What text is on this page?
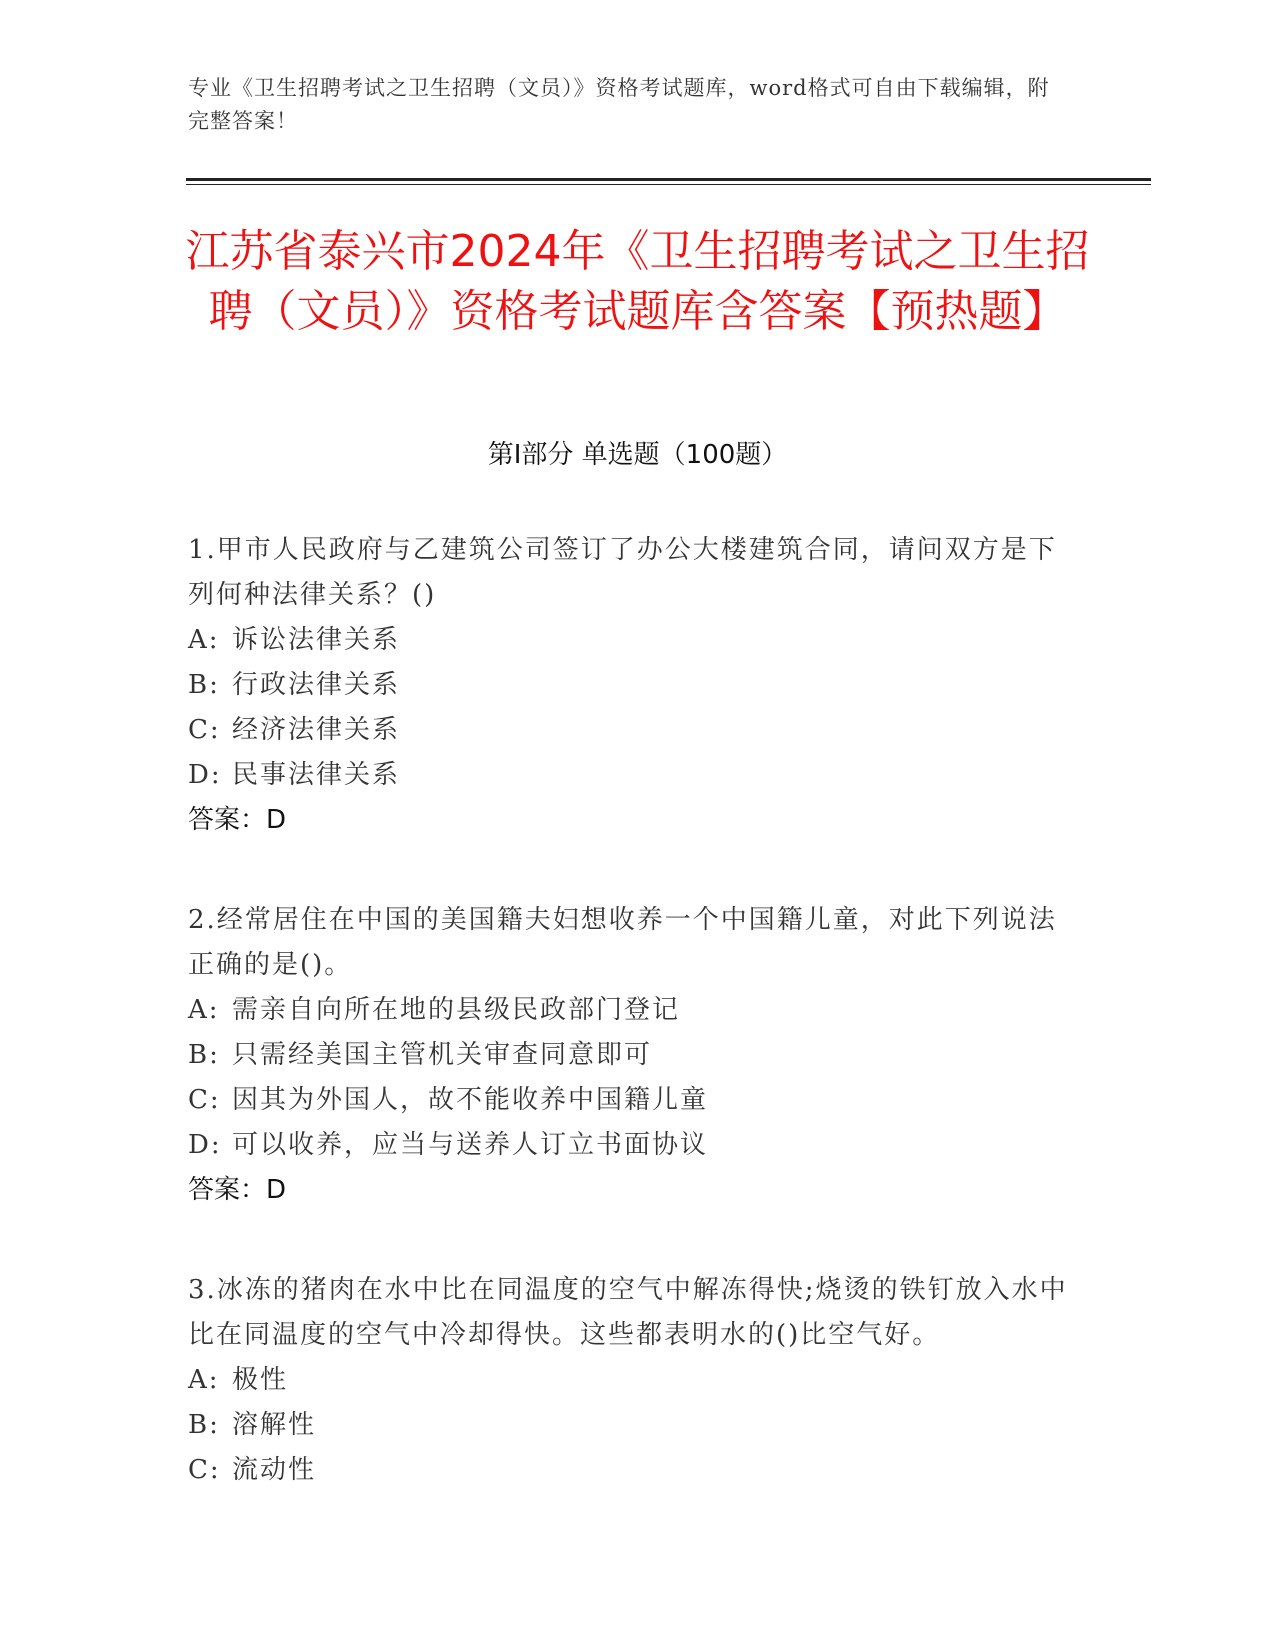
专业《卫生招聘考试之卫生招聘（文员）》资格考试题库，word格式可自由下载编辑，附完整答案！
江苏省泰兴市2024年《卫生招聘考试之卫生招聘（文员）》资格考试题库含答案【预热题】
第Ⅰ部分 单选题（100题）

1.甲市人民政府与乙建筑公司签订了办公大楼建筑合同，请问双方是下列何种法律关系？()

A: 诉讼法律关系
B: 行政法律关系
C: 经济法律关系
D: 民事法律关系
答案：D

2.经常居住在中国的美国籍夫妇想收养一个中国籍儿童，对此下列说法正确的是()。

A: 需亲自向所在地的县级民政部门登记
B: 只需经美国主管机关审查同意即可
C: 因其为外国人，故不能收养中国籍儿童
D: 可以收养，应当与送养人订立书面协议
答案：D

3.冰冻的猪肉在水中比在同温度的空气中解冻得快;烧烫的铁钉放入水中比在同温度的空气中冷却得快。这些都表明水的()比空气好。

A: 极性
B: 溶解性
C: 流动性
